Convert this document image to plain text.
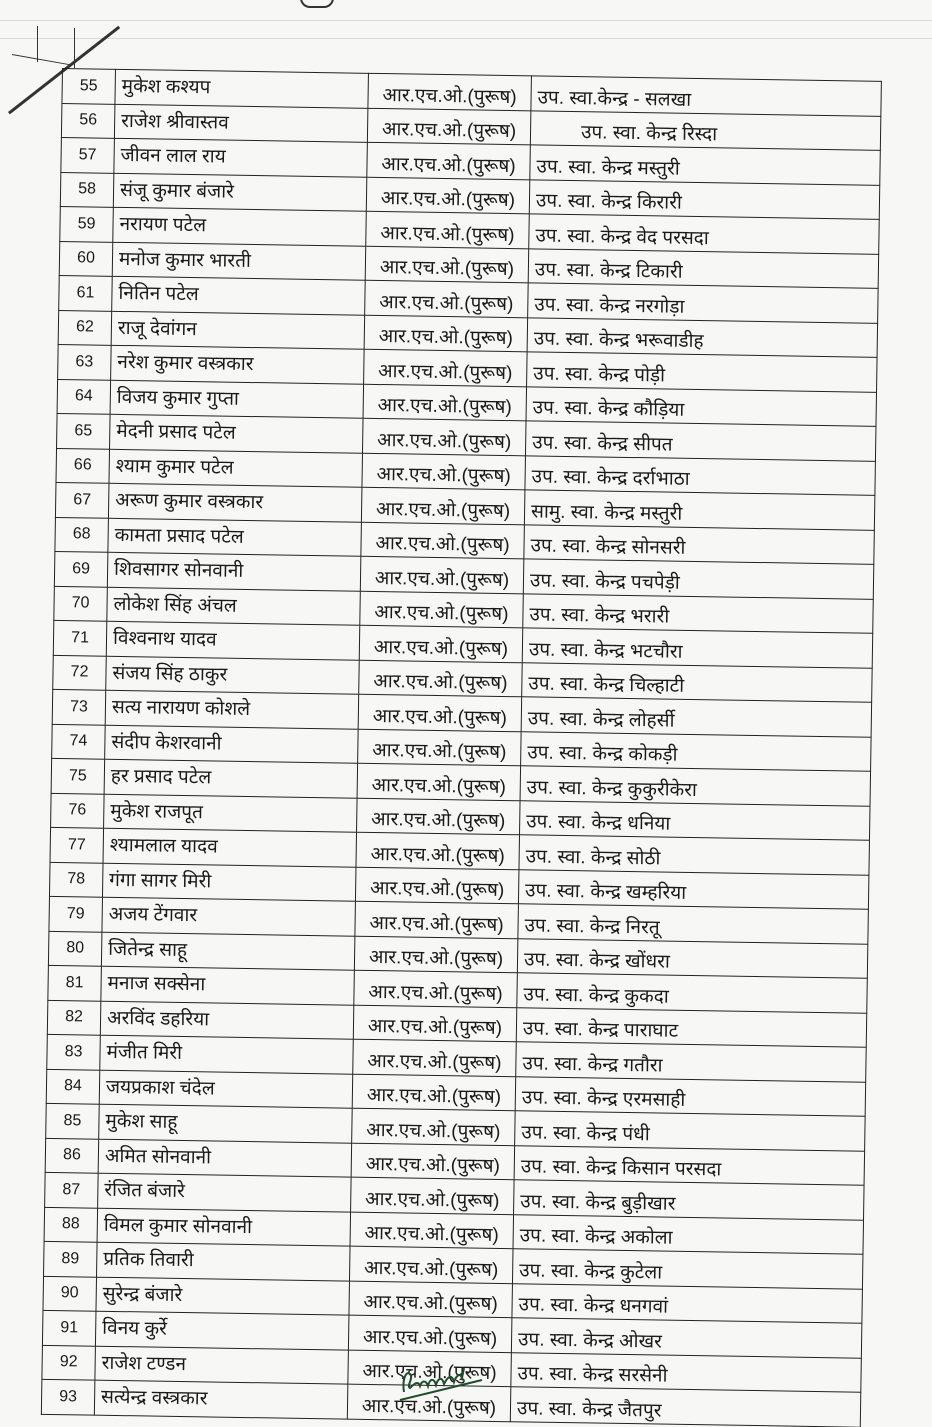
55	मुकेश कश्यप	आर.एच.ओ.(पुरूष)	उप. स्वा.केन्द्र - सलखा
56	राजेश श्रीवास्तव	आर.एच.ओ.(पुरूष)	उप. स्वा. केन्द्र रिस्दा
57	जीवन लाल राय	आर.एच.ओ.(पुरूष)	उप. स्वा. केन्द्र मस्तुरी
58	संजू कुमार बंजारे	आर.एच.ओ.(पुरूष)	उप. स्वा. केन्द्र किरारी
59	नरायण पटेल	आर.एच.ओ.(पुरूष)	उप. स्वा. केन्द्र वेद परसदा
60	मनोज कुमार भारती	आर.एच.ओ.(पुरूष)	उप. स्वा. केन्द्र टिकारी
61	नितिन पटेल	आर.एच.ओ.(पुरूष)	उप. स्वा. केन्द्र नरगोड़ा
62	राजू देवांगन	आर.एच.ओ.(पुरूष)	उप. स्वा. केन्द्र भरूवाडीह
63	नरेश कुमार वस्त्रकार	आर.एच.ओ.(पुरूष)	उप. स्वा. केन्द्र पोड़ी
64	विजय कुमार गुप्ता	आर.एच.ओ.(पुरूष)	उप. स्वा. केन्द्र कौड़िया
65	मेदनी प्रसाद पटेल	आर.एच.ओ.(पुरूष)	उप. स्वा. केन्द्र सीपत
66	श्याम कुमार पटेल	आर.एच.ओ.(पुरूष)	उप. स्वा. केन्द्र दर्राभाठा
67	अरूण कुमार वस्त्रकार	आर.एच.ओ.(पुरूष)	सामु. स्वा. केन्द्र मस्तुरी
68	कामता प्रसाद पटेल	आर.एच.ओ.(पुरूष)	उप. स्वा. केन्द्र सोनसरी
69	शिवसागर सोनवानी	आर.एच.ओ.(पुरूष)	उप. स्वा. केन्द्र पचपेड़ी
70	लोकेश सिंह अंचल	आर.एच.ओ.(पुरूष)	उप. स्वा. केन्द्र भरारी
71	विश्वनाथ यादव	आर.एच.ओ.(पुरूष)	उप. स्वा. केन्द्र भटचौरा
72	संजय सिंह ठाकुर	आर.एच.ओ.(पुरूष)	उप. स्वा. केन्द्र चिल्हाटी
73	सत्य नारायण कोशले	आर.एच.ओ.(पुरूष)	उप. स्वा. केन्द्र लोहर्सी
74	संदीप केशरवानी	आर.एच.ओ.(पुरूष)	उप. स्वा. केन्द्र कोकड़ी
75	हर प्रसाद पटेल	आर.एच.ओ.(पुरूष)	उप. स्वा. केन्द्र कुकुरीकेरा
76	मुकेश राजपूत	आर.एच.ओ.(पुरूष)	उप. स्वा. केन्द्र धनिया
77	श्यामलाल यादव	आर.एच.ओ.(पुरूष)	उप. स्वा. केन्द्र सोठी
78	गंगा सागर मिरी	आर.एच.ओ.(पुरूष)	उप. स्वा. केन्द्र खम्हरिया
79	अजय टेंगवार	आर.एच.ओ.(पुरूष)	उप. स्वा. केन्द्र निरतू
80	जितेन्द्र साहू	आर.एच.ओ.(पुरूष)	उप. स्वा. केन्द्र खोंधरा
81	मनाज सक्सेना	आर.एच.ओ.(पुरूष)	उप. स्वा. केन्द्र कुकदा
82	अरविंद डहरिया	आर.एच.ओ.(पुरूष)	उप. स्वा. केन्द्र पाराघाट
83	मंजीत मिरी	आर.एच.ओ.(पुरूष)	उप. स्वा. केन्द्र गतौरा
84	जयप्रकाश चंदेल	आर.एच.ओ.(पुरूष)	उप. स्वा. केन्द्र एरमसाही
85	मुकेश साहू	आर.एच.ओ.(पुरूष)	उप. स्वा. केन्द्र पंधी
86	अमित सोनवानी	आर.एच.ओ.(पुरूष)	उप. स्वा. केन्द्र किसान परसदा
87	रंजित बंजारे	आर.एच.ओ.(पुरूष)	उप. स्वा. केन्द्र बुड़ीखार
88	विमल कुमार सोनवानी	आर.एच.ओ.(पुरूष)	उप. स्वा. केन्द्र अकोला
89	प्रतिक तिवारी	आर.एच.ओ.(पुरूष)	उप. स्वा. केन्द्र कुटेला
90	सुरेन्द्र बंजारे	आर.एच.ओ.(पुरूष)	उप. स्वा. केन्द्र धनगवां
91	विनय कुर्रे	आर.एच.ओ.(पुरूष)	उप. स्वा. केन्द्र ओखर
92	राजेश टण्डन	आर.एच.ओ.(पुरूष)	उप. स्वा. केन्द्र सरसेनी
93	सत्येन्द्र वस्त्रकार	आर.एच.ओ.(पुरूष)	उप. स्वा. केन्द्र जैतपुर
